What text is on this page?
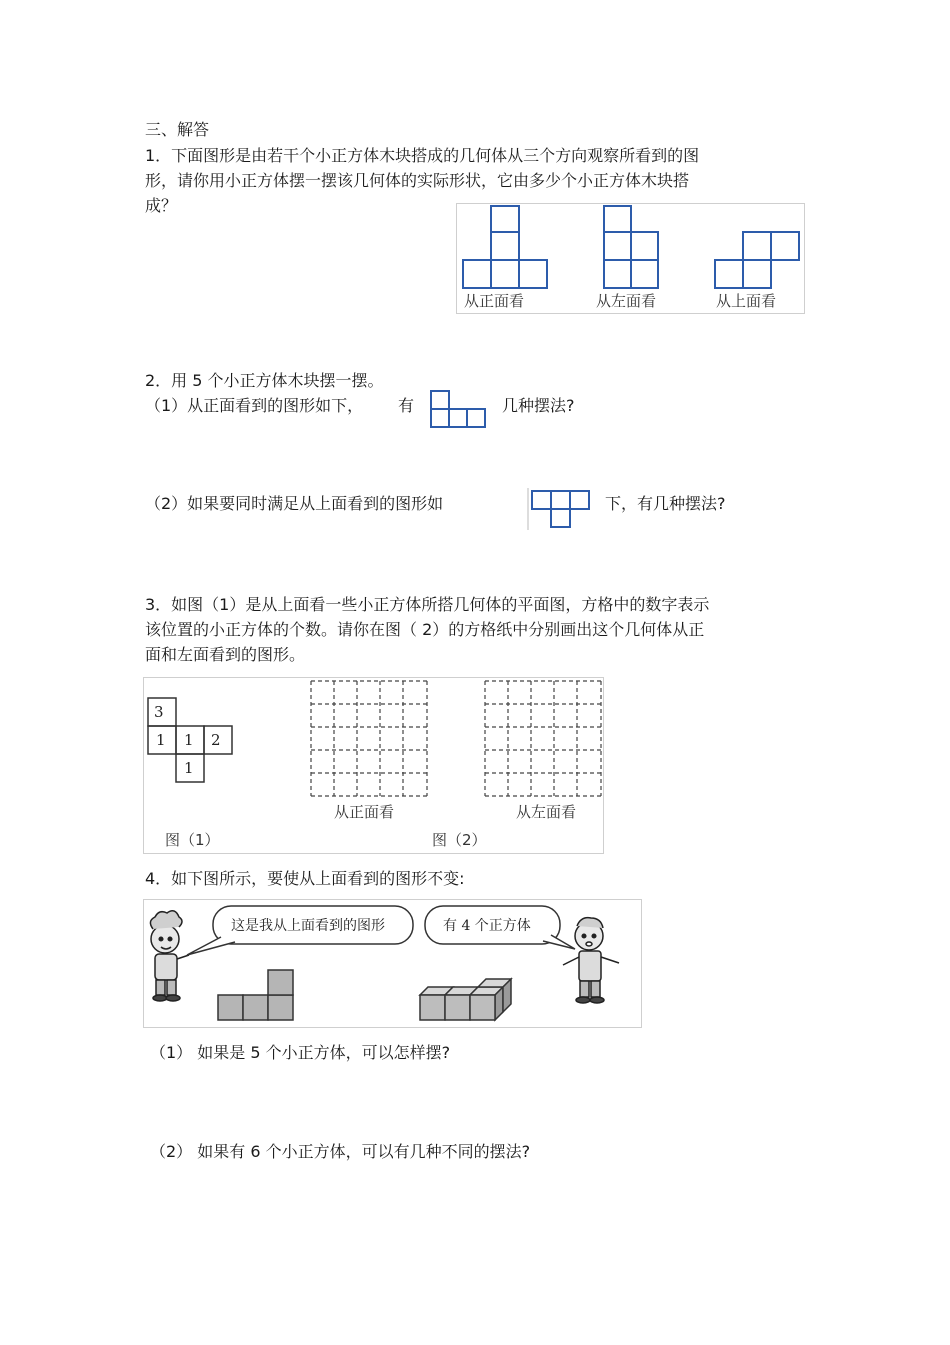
三、解答
1．下面图形是由若干个小正方体木块搭成的几何体从三个方向观察所看到的图
形，请你用小正方体摆一摆该几何体的实际形状，它由多少个小正方体木块搭
成？
从正面看	从左面看	从上面看
2．用 5 个小正方体木块摆一摆。
（1）从正面看到的图形如下， 有	几种摆法?
（2）如果要同时满足从上面看到的图形如	下，有几种摆法?
3．如图（1）是从上面看一些小正方体所搭几何体的平面图，方格中的数字表示
该位置的小正方体的个数。请你在图（ 2）的方格纸中分别画出这个几何体从正
面和左面看到的图形。
3
1 1 2
1
从正面看	从左面看
图（1）	图（2）
4．如下图所示，要使从上面看到的图形不变:
这是我从上面看到的图形	有 4 个正方体
（1） 如果是 5 个小正方体，可以怎样摆?
（2） 如果有 6 个小正方体，可以有几种不同的摆法?
